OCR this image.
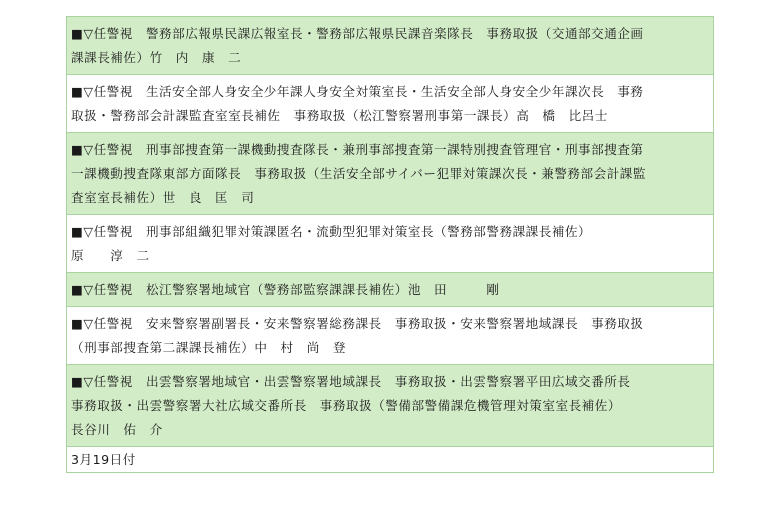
■▽任警視　警務部広報県民課広報室長・警務部広報県民課音楽隊長　事務取扱（交通部交通企画
課課長補佐）竹　内　康　二
■▽任警視　生活安全部人身安全少年課人身安全対策室長・生活安全部人身安全少年課次長　事務
取扱・警務部会計課監査室室長補佐　事務取扱（松江警察署刑事第一課長）高　橋　比呂士
■▽任警視　刑事部捜査第一課機動捜査隊長・兼刑事部捜査第一課特別捜査管理官・刑事部捜査第
一課機動捜査隊東部方面隊長　事務取扱（生活安全部サイバー犯罪対策課次長・兼警務部会計課監
査室室長補佐）世　良　匡　司
■▽任警視　刑事部組織犯罪対策課匿名・流動型犯罪対策室長（警務部警務課課長補佐）
原　　淳　二
■▽任警視　松江警察署地域官（警務部監察課課長補佐）池　田　　　剛
■▽任警視　安来警察署副署長・安来警察署総務課長　事務取扱・安来警察署地域課長　事務取扱
（刑事部捜査第二課課長補佐）中　村　尚　登
■▽任警視　出雲警察署地域官・出雲警察署地域課長　事務取扱・出雲警察署平田広域交番所長
事務取扱・出雲警察署大社広域交番所長　事務取扱（警備部警備課危機管理対策室室長補佐）
長谷川　佑　介
3月19日付
